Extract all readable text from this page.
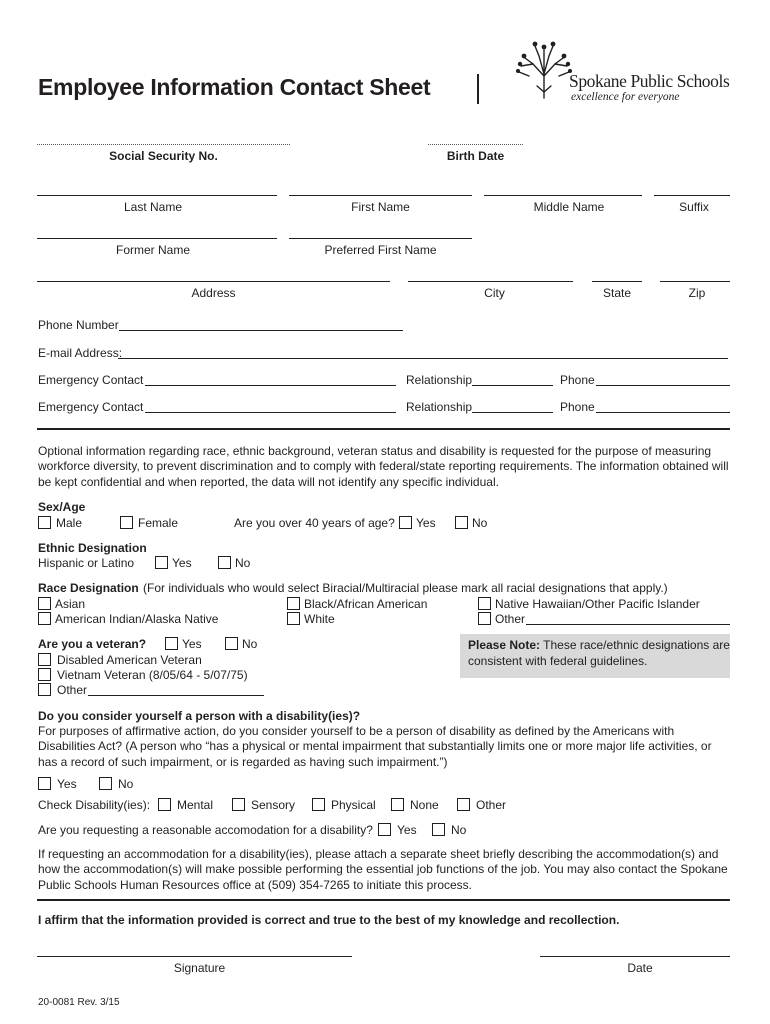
Employee Information Contact Sheet	Spokane Public Schools
excellence for everyone
Social Security No.	Birth Date
Last Name	First Name	Middle Name	Suffix
Former Name	Preferred First Name
Address	City	State	Zip
Phone Number
E-mail Address:
Emergency Contact	Relationship	Phone
Emergency Contact	Relationship	Phone
Optional information regarding race, ethnic background, veteran status and disability is requested for the purpose of measuring workforce diversity, to prevent discrimination and to comply with federal/state reporting requirements. The information obtained will be kept confidential and when reported, the data will not identify any specific individual.
Sex/Age
Male	Female	Are you over 40 years of age? Yes	No
Ethnic Designation
Hispanic or Latino	Yes	No
Race Designation (For individuals who would select Biracial/Multiracial please mark all racial designations that apply.)
Asian	Black/African American	Native Hawaiian/Other Pacific Islander
American Indian/Alaska Native	White	Other
Are you a veteran?	Yes	No
Disabled American Veteran
Vietnam Veteran (8/05/64 - 5/07/75)
Other
Please Note: These race/ethnic designations are consistent with federal guidelines.
Do you consider yourself a person with a disability(ies)?
For purposes of affirmative action, do you consider yourself to be a person of disability as defined by the Americans with Disabilities Act? (A person who “has a physical or mental impairment that substantially limits one or more major life activities, or has a record of such impairment, or is regarded as having such impairment.”)
Yes	No
Check Disability(ies): Mental	Sensory	Physical	None	Other
Are you requesting a reasonable accomodation for a disability? Yes	No
If requesting an accommodation for a disability(ies), please attach a separate sheet briefly describing the accommodation(s) and how the accommodation(s) will make possible performing the essential job functions of the job. You may also contact the Spokane Public Schools Human Resources office at (509) 354-7265 to initiate this process.
I affirm that the information provided is correct and true to the best of my knowledge and recollection.
Signature	Date
20-0081 Rev. 3/15
